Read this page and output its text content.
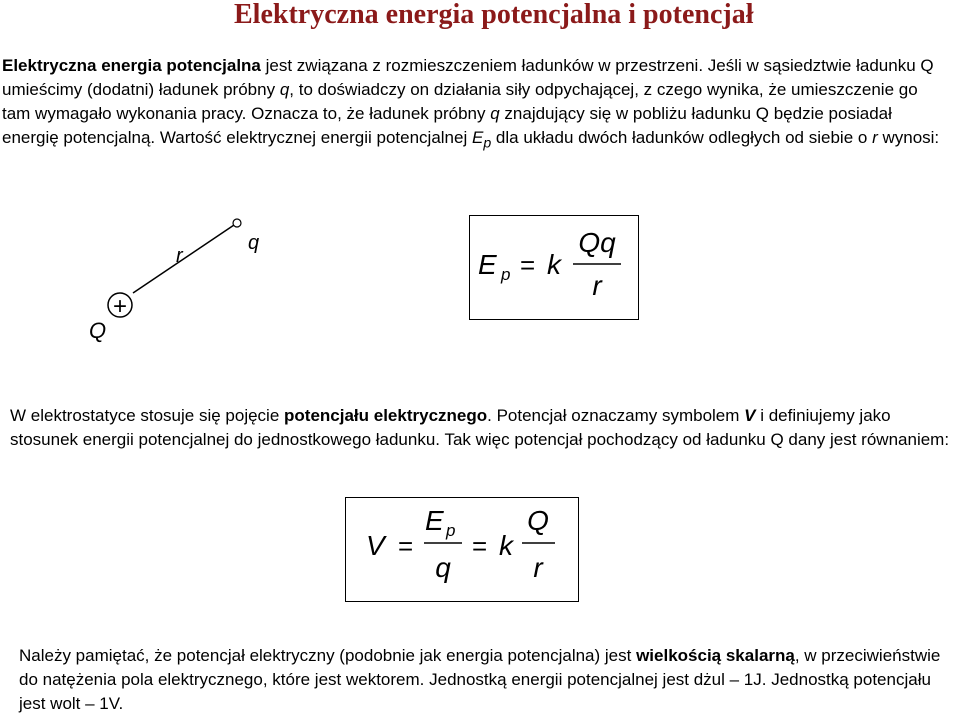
Elektryczna energia potencjalna i potencjał

Elektryczna energia potencjalna jest związana z rozmieszczeniem ładunków w przestrzeni. Jeśli w sąsiedztwie ładunku Q umieścimy (dodatni) ładunek próbny q, to doświadczy on działania siły odpychającej, z czego wynika, że umieszczenie go tam wymagało wykonania pracy. Oznacza to, że ładunek próbny q znajdujący się w pobliżu ładunku Q będzie posiadał energię potencjalną. Wartość elektrycznej energii potencjalnej $E_p$ dla układu dwóch ładunków odległych od siebie o r wynosi:

+
Q
r
q
E p = k
Qq
r

W elektrostatyce stosuje się pojęcie potencjału elektrycznego. Potencjał oznaczamy symbolem V i definiujemy jako stosunek energii potencjalnej do jednostkowego ładunku. Tak więc potencjał pochodzący od ładunku Q dany jest równaniem:

V =
E p
q
= k
Q
r

Należy pamiętać, że potencjał elektryczny (podobnie jak energia potencjalna) jest wielkością skalarną, w przeciwieństwie do natężenia pola elektrycznego, które jest wektorem. Jednostką energii potencjalnej jest dżul – 1J. Jednostką potencjału jest wolt – 1V.
